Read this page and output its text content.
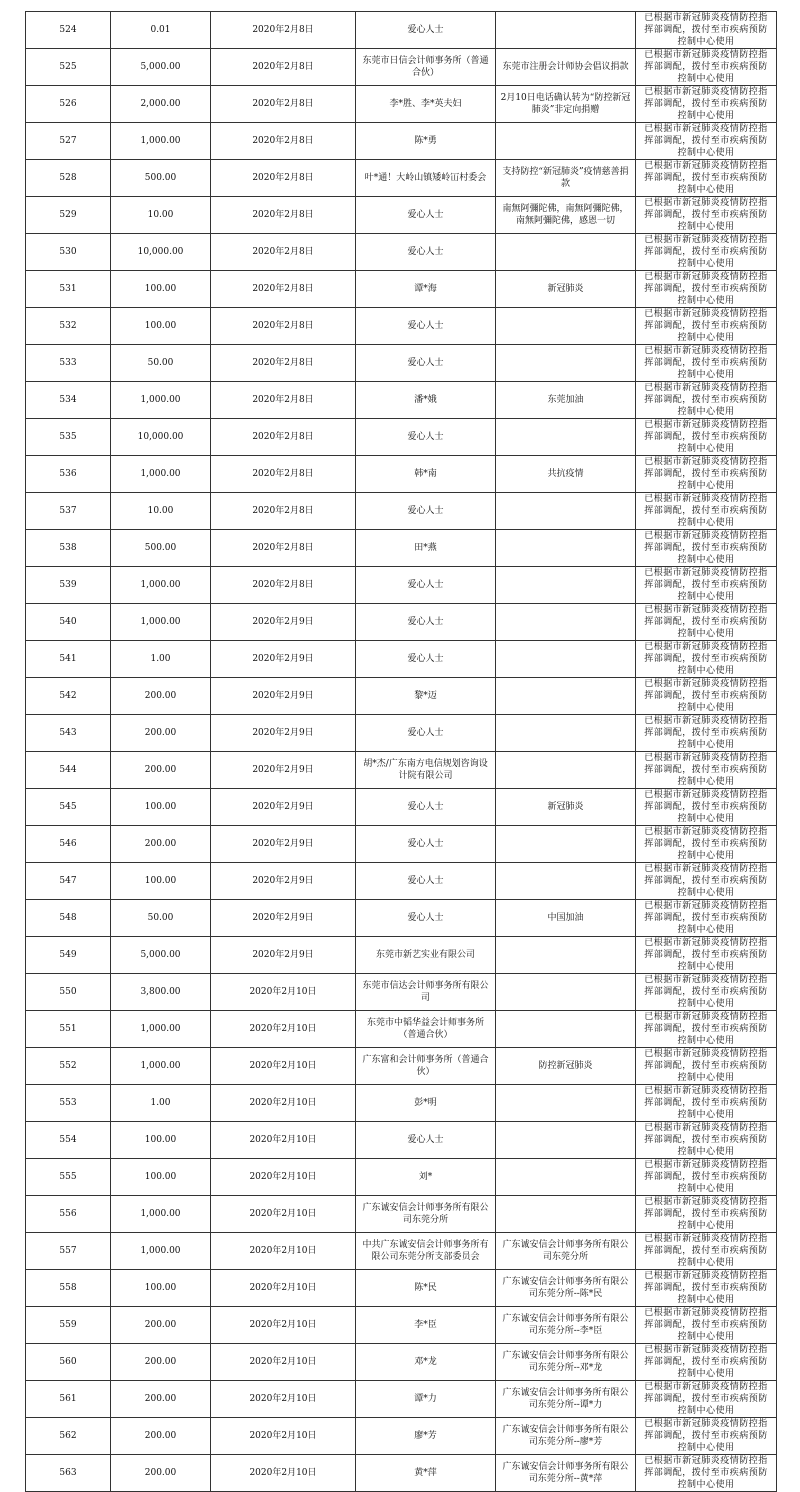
524	0.01	2020年2月8日	爱心人士		已根据市新冠肺炎疫情防控指挥部调配，拨付至市疾病预防控制中心使用
525	5,000.00	2020年2月8日	东莞市日信会计师事务所（普通合伙）	东莞市注册会计师协会倡议捐款	已根据市新冠肺炎疫情防控指挥部调配，拨付至市疾病预防控制中心使用
526	2,000.00	2020年2月8日	李*胜、李*英夫妇	2月10日电话确认转为“防控新冠肺炎”非定向捐赠	已根据市新冠肺炎疫情防控指挥部调配，拨付至市疾病预防控制中心使用
527	1,000.00	2020年2月8日	陈*勇		已根据市新冠肺炎疫情防控指挥部调配，拨付至市疾病预防控制中心使用
528	500.00	2020年2月8日	叶*通！大岭山镇矮岭冚村委会	支持防控“新冠肺炎”疫情慈善捐款	已根据市新冠肺炎疫情防控指挥部调配，拨付至市疾病预防控制中心使用
529	10.00	2020年2月8日	爱心人士	南無阿彌陀佛，南無阿彌陀佛，南無阿彌陀佛，感恩一切	已根据市新冠肺炎疫情防控指挥部调配，拨付至市疾病预防控制中心使用
530	10,000.00	2020年2月8日	爱心人士		已根据市新冠肺炎疫情防控指挥部调配，拨付至市疾病预防控制中心使用
531	100.00	2020年2月8日	谭*海	新冠肺炎	已根据市新冠肺炎疫情防控指挥部调配，拨付至市疾病预防控制中心使用
532	100.00	2020年2月8日	爱心人士		已根据市新冠肺炎疫情防控指挥部调配，拨付至市疾病预防控制中心使用
533	50.00	2020年2月8日	爱心人士		已根据市新冠肺炎疫情防控指挥部调配，拨付至市疾病预防控制中心使用
534	1,000.00	2020年2月8日	潘*娥	东莞加油	已根据市新冠肺炎疫情防控指挥部调配，拨付至市疾病预防控制中心使用
535	10,000.00	2020年2月8日	爱心人士		已根据市新冠肺炎疫情防控指挥部调配，拨付至市疾病预防控制中心使用
536	1,000.00	2020年2月8日	韩*南	共抗疫情	已根据市新冠肺炎疫情防控指挥部调配，拨付至市疾病预防控制中心使用
537	10.00	2020年2月8日	爱心人士		已根据市新冠肺炎疫情防控指挥部调配，拨付至市疾病预防控制中心使用
538	500.00	2020年2月8日	田*燕		已根据市新冠肺炎疫情防控指挥部调配，拨付至市疾病预防控制中心使用
539	1,000.00	2020年2月8日	爱心人士		已根据市新冠肺炎疫情防控指挥部调配，拨付至市疾病预防控制中心使用
540	1,000.00	2020年2月9日	爱心人士		已根据市新冠肺炎疫情防控指挥部调配，拨付至市疾病预防控制中心使用
541	1.00	2020年2月9日	爱心人士		已根据市新冠肺炎疫情防控指挥部调配，拨付至市疾病预防控制中心使用
542	200.00	2020年2月9日	黎*迈		已根据市新冠肺炎疫情防控指挥部调配，拨付至市疾病预防控制中心使用
543	200.00	2020年2月9日	爱心人士		已根据市新冠肺炎疫情防控指挥部调配，拨付至市疾病预防控制中心使用
544	200.00	2020年2月9日	胡*杰/广东南方电信规划咨询设计院有限公司		已根据市新冠肺炎疫情防控指挥部调配，拨付至市疾病预防控制中心使用
545	100.00	2020年2月9日	爱心人士	新冠肺炎	已根据市新冠肺炎疫情防控指挥部调配，拨付至市疾病预防控制中心使用
546	200.00	2020年2月9日	爱心人士		已根据市新冠肺炎疫情防控指挥部调配，拨付至市疾病预防控制中心使用
547	100.00	2020年2月9日	爱心人士		已根据市新冠肺炎疫情防控指挥部调配，拨付至市疾病预防控制中心使用
548	50.00	2020年2月9日	爱心人士	中国加油	已根据市新冠肺炎疫情防控指挥部调配，拨付至市疾病预防控制中心使用
549	5,000.00	2020年2月9日	东莞市新艺实业有限公司		已根据市新冠肺炎疫情防控指挥部调配，拨付至市疾病预防控制中心使用
550	3,800.00	2020年2月10日	东莞市信达会计师事务所有限公司		已根据市新冠肺炎疫情防控指挥部调配，拨付至市疾病预防控制中心使用
551	1,000.00	2020年2月10日	东莞市中韬华益会计师事务所（普通合伙）		已根据市新冠肺炎疫情防控指挥部调配，拨付至市疾病预防控制中心使用
552	1,000.00	2020年2月10日	广东富和会计师事务所（普通合伙）	防控新冠肺炎	已根据市新冠肺炎疫情防控指挥部调配，拨付至市疾病预防控制中心使用
553	1.00	2020年2月10日	彭*明		已根据市新冠肺炎疫情防控指挥部调配，拨付至市疾病预防控制中心使用
554	100.00	2020年2月10日	爱心人士		已根据市新冠肺炎疫情防控指挥部调配，拨付至市疾病预防控制中心使用
555	100.00	2020年2月10日	刘*		已根据市新冠肺炎疫情防控指挥部调配，拨付至市疾病预防控制中心使用
556	1,000.00	2020年2月10日	广东诚安信会计师事务所有限公司东莞分所		已根据市新冠肺炎疫情防控指挥部调配，拨付至市疾病预防控制中心使用
557	1,000.00	2020年2月10日	中共广东诚安信会计师事务所有限公司东莞分所支部委员会	广东诚安信会计师事务所有限公司东莞分所	已根据市新冠肺炎疫情防控指挥部调配，拨付至市疾病预防控制中心使用
558	100.00	2020年2月10日	陈*民	广东诚安信会计师事务所有限公司东莞分所--陈*民	已根据市新冠肺炎疫情防控指挥部调配，拨付至市疾病预防控制中心使用
559	200.00	2020年2月10日	李*臣	广东诚安信会计师事务所有限公司东莞分所--李*臣	已根据市新冠肺炎疫情防控指挥部调配，拨付至市疾病预防控制中心使用
560	200.00	2020年2月10日	邓*龙	广东诚安信会计师事务所有限公司东莞分所--邓*龙	已根据市新冠肺炎疫情防控指挥部调配，拨付至市疾病预防控制中心使用
561	200.00	2020年2月10日	谭*力	广东诚安信会计师事务所有限公司东莞分所--谭*力	已根据市新冠肺炎疫情防控指挥部调配，拨付至市疾病预防控制中心使用
562	200.00	2020年2月10日	廖*芳	广东诚安信会计师事务所有限公司东莞分所--廖*芳	已根据市新冠肺炎疫情防控指挥部调配，拨付至市疾病预防控制中心使用
563	200.00	2020年2月10日	黄*萍	广东诚安信会计师事务所有限公司东莞分所--黄*萍	已根据市新冠肺炎疫情防控指挥部调配，拨付至市疾病预防控制中心使用
